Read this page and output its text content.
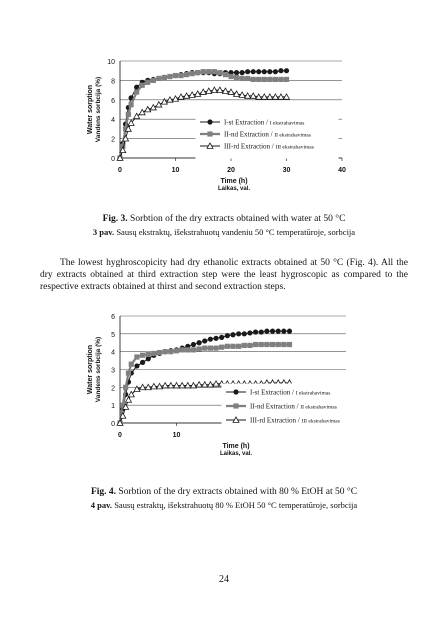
0
2
4
6
8
10
0	10	20	30	40
Time (h)
Laikas, val.
Water sorption Vandens sorbcija (%)	I-st Extraction / I ekstrahavimas
II-nd Extraction / II ekstrahavimas
III-rd Extraction / III ekstrahavimas
Fig. 3. Sorbtion of the dry extracts obtained with water at 50 °C
3 pav. Sausų ekstraktų, išekstrahuotų vandeniu 50 °C temperatūroje, sorbcija

The lowest hyghroscopicity had dry ethanolic extracts obtained at 50 °C (Fig. 4). All the dry extracts obtained at third extraction step were the least hygroscopic as compared to the respective extracts obtained at thirst and second extraction steps.

0
1
2
3
4
5
6
0	10
Time (h)
Laikas, val.
Water sorption Vandens sorbcija (%)	I-st Extraction / I ekstrahavimas
II-nd Extraction / II ekstrahavimas
III-rd Extraction / III ekstrahavimas
Fig. 4. Sorbtion of the dry extracts obtained with 80 % EtOH at 50 °C
4 pav. Sausų estraktų, išekstrahuotų 80 % EtOH 50 °C temperatūroje, sorbcija
24
